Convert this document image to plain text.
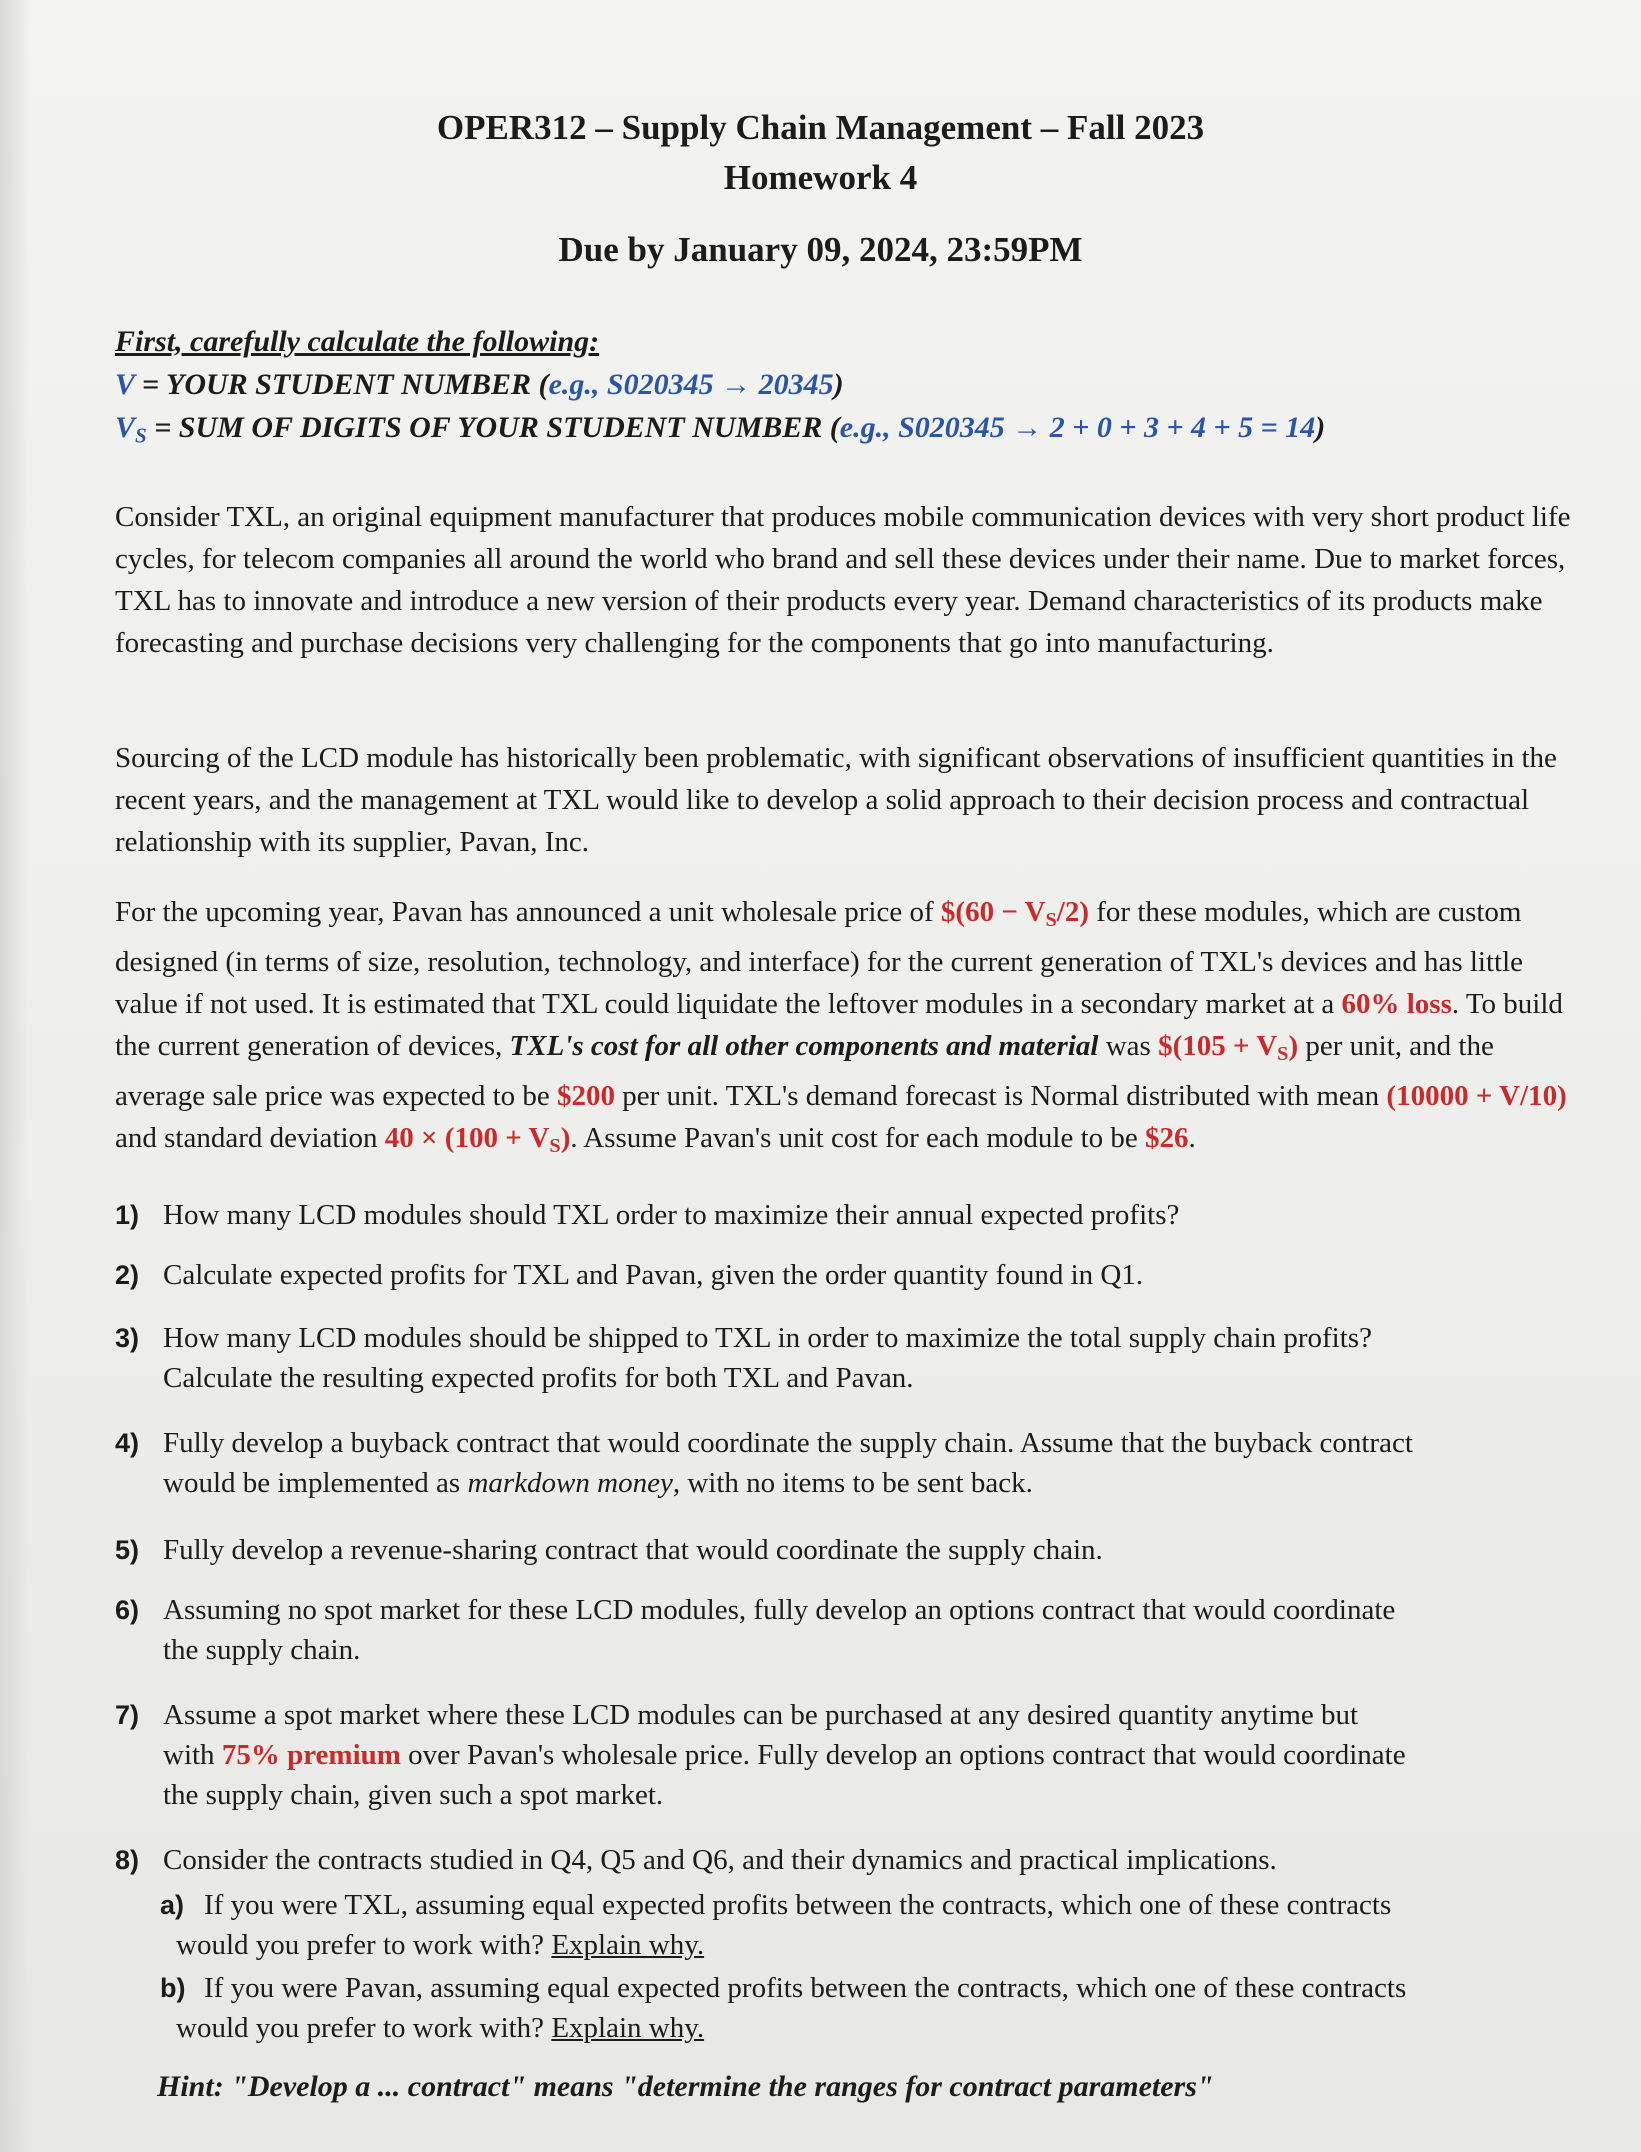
OPER312 – Supply Chain Management – Fall 2023
Homework 4
Due by January 09, 2024, 23:59PM
First, carefully calculate the following:
V = YOUR STUDENT NUMBER (e.g., S020345 → 20345)
$V_S$ = SUM OF DIGITS OF YOUR STUDENT NUMBER (e.g., S020345 → 2 + 0 + 3 + 4 + 5 = 14)
Consider TXL, an original equipment manufacturer that produces mobile communication devices with very short product life cycles, for telecom companies all around the world who brand and sell these devices under their name. Due to market forces, TXL has to innovate and introduce a new version of their products every year. Demand characteristics of its products make forecasting and purchase decisions very challenging for the components that go into manufacturing.
Sourcing of the LCD module has historically been problematic, with significant observations of insufficient quantities in the recent years, and the management at TXL would like to develop a solid approach to their decision process and contractual relationship with its supplier, Pavan, Inc.
For the upcoming year, Pavan has announced a unit wholesale price of $(60 − $V_S/2$) for these modules, which are custom designed (in terms of size, resolution, technology, and interface) for the current generation of TXL's devices and has little value if not used. It is estimated that TXL could liquidate the leftover modules in a secondary market at a 60% loss. To build the current generation of devices, TXL's cost for all other components and material was $(105 + $V_S$) per unit, and the average sale price was expected to be $200 per unit. TXL's demand forecast is Normal distributed with mean (10000 + V/10) and standard deviation $40 \times (100 + V_S)$. Assume Pavan's unit cost for each module to be $26.
1) How many LCD modules should TXL order to maximize their annual expected profits?
2) Calculate expected profits for TXL and Pavan, given the order quantity found in Q1.
3) How many LCD modules should be shipped to TXL in order to maximize the total supply chain profits?
Calculate the resulting expected profits for both TXL and Pavan.
4) Fully develop a buyback contract that would coordinate the supply chain. Assume that the buyback contract
would be implemented as markdown money, with no items to be sent back.
5) Fully develop a revenue-sharing contract that would coordinate the supply chain.
6) Assuming no spot market for these LCD modules, fully develop an options contract that would coordinate
the supply chain.
7) Assume a spot market where these LCD modules can be purchased at any desired quantity anytime but
with 75% premium over Pavan's wholesale price. Fully develop an options contract that would coordinate
the supply chain, given such a spot market.
8) Consider the contracts studied in Q4, Q5 and Q6, and their dynamics and practical implications.
a) If you were TXL, assuming equal expected profits between the contracts, which one of these contracts
would you prefer to work with? Explain why.
b) If you were Pavan, assuming equal expected profits between the contracts, which one of these contracts
would you prefer to work with? Explain why.
Hint: "Develop a ... contract" means "determine the ranges for contract parameters"
